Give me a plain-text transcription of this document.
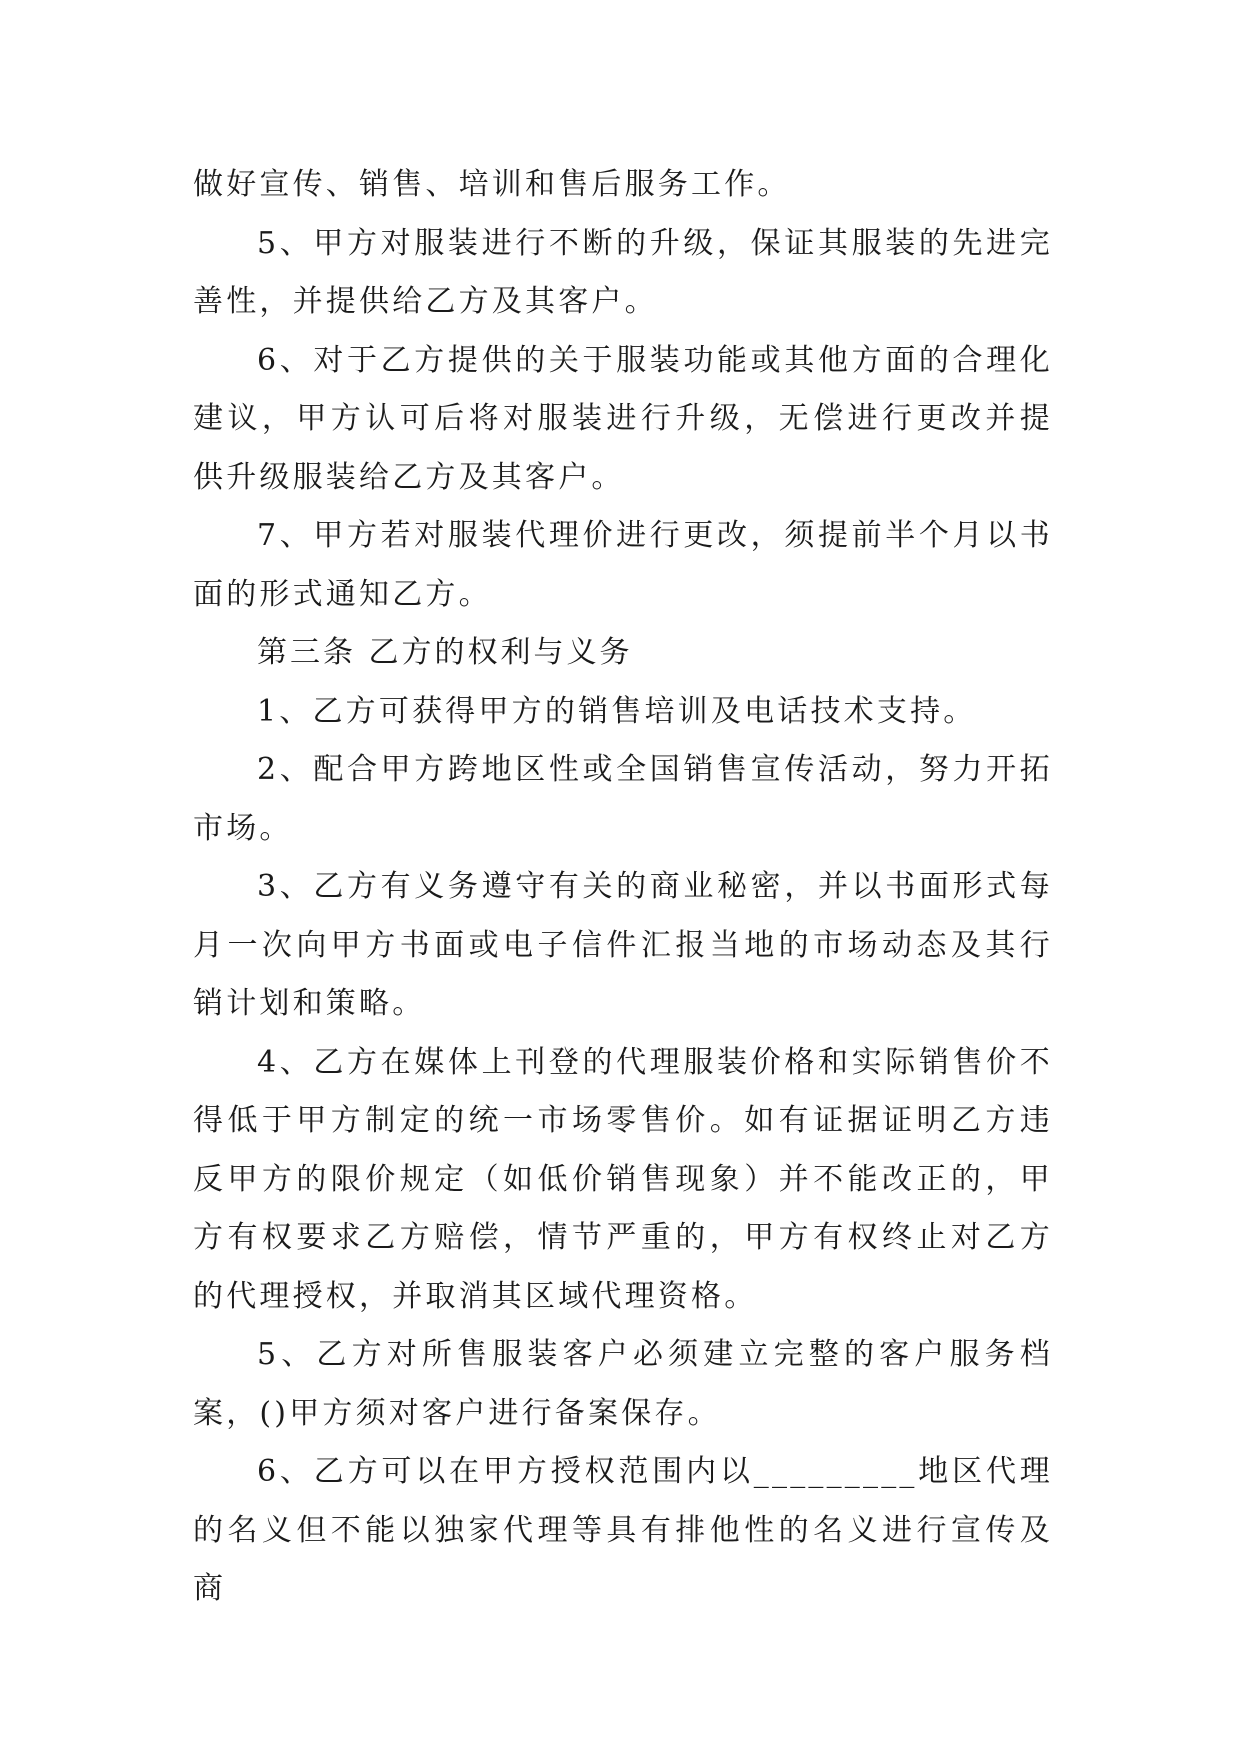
做好宣传、销售、培训和售后服务工作。

5、甲方对服装进行不断的升级，保证其服装的先进完善性，并提供给乙方及其客户。

6、对于乙方提供的关于服装功能或其他方面的合理化建议，甲方认可后将对服装进行升级，无偿进行更改并提供升级服装给乙方及其客户。

7、甲方若对服装代理价进行更改，须提前半个月以书面的形式通知乙方。

第三条 乙方的权利与义务

1、乙方可获得甲方的销售培训及电话技术支持。

2、配合甲方跨地区性或全国销售宣传活动，努力开拓市场。

3、乙方有义务遵守有关的商业秘密，并以书面形式每月一次向甲方书面或电子信件汇报当地的市场动态及其行销计划和策略。

4、乙方在媒体上刊登的代理服装价格和实际销售价不得低于甲方制定的统一市场零售价。如有证据证明乙方违反甲方的限价规定（如低价销售现象）并不能改正的，甲方有权要求乙方赔偿，情节严重的，甲方有权终止对乙方的代理授权，并取消其区域代理资格。

5、乙方对所售服装客户必须建立完整的客户服务档案，()甲方须对客户进行备案保存。

6、乙方可以在甲方授权范围内以_________地区代理的名义但不能以独家代理等具有排他性的名义进行宣传及商
